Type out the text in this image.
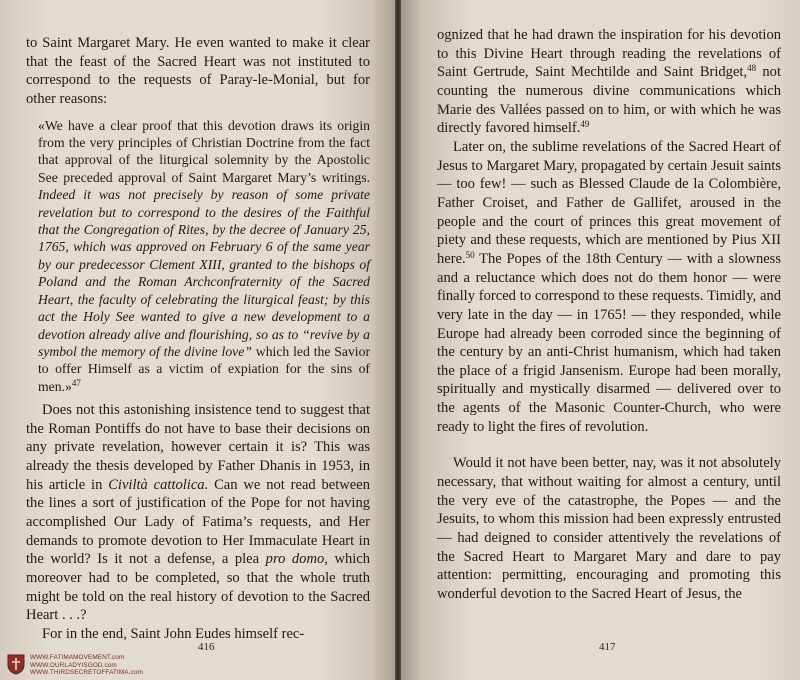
to Saint Margaret Mary. He even wanted to make it clear that the feast of the Sacred Heart was not instituted to correspond to the requests of Paray-le-Monial, but for other reasons:

«We have a clear proof that this devotion draws its origin from the very principles of Christian Doctrine from the fact that approval of the liturgical solemnity by the Apostolic See preceded approval of Saint Margaret Mary’s writings. Indeed it was not precisely by reason of some private revelation but to correspond to the desires of the Faithful that the Congregation of Rites, by the decree of January 25, 1765, which was approved on February 6 of the same year by our predecessor Clement XIII, granted to the bishops of Poland and the Roman Archconfraternity of the Sacred Heart, the faculty of celebrating the liturgical feast; by this act the Holy See wanted to give a new development to a devotion already alive and flourishing, so as to “revive by a symbol the memory of the divine love” which led the Savior to offer Himself as a victim of expiation for the sins of men.»$^{47}$

Does not this astonishing insistence tend to suggest that the Roman Pontiffs do not have to base their decisions on any private revelation, however certain it is? This was already the thesis developed by Father Dhanis in 1953, in his article in Civiltà cattolica. Can we not read between the lines a sort of justification of the Pope for not having accomplished Our Lady of Fatima’s requests, and Her demands to promote devotion to Her Immaculate Heart in the world? Is it not a defense, a plea pro domo, which moreover had to be completed, so that the whole truth might be told on the real history of devotion to the Sacred Heart . . .?

For in the end, Saint John Eudes himself rec-

416
WWW.FATIMAMOVEMENT.com
WWW.OURLADYISGOD.com
WWW.THIRDSECRETOFFATIMA.com

ognized that he had drawn the inspiration for his devotion to this Divine Heart through reading the revelations of Saint Gertrude, Saint Mechtilde and Saint Bridget,$^{48}$ not counting the numerous divine communications which Marie des Vallées passed on to him, or with which he was directly favored himself.$^{49}$

Later on, the sublime revelations of the Sacred Heart of Jesus to Margaret Mary, propagated by certain Jesuit saints — too few! — such as Blessed Claude de la Colombière, Father Croiset, and Father de Gallifet, aroused in the people and the court of princes this great movement of piety and these requests, which are mentioned by Pius XII here.$^{50}$ The Popes of the 18th Century — with a slowness and a reluctance which does not do them honor — were finally forced to correspond to these requests. Timidly, and very late in the day — in 1765! — they responded, while Europe had already been corroded since the beginning of the century by an anti-Christ humanism, which had taken the place of a frigid Jansenism. Europe had been morally, spiritually and mystically disarmed — delivered over to the agents of the Masonic Counter-Church, who were ready to light the fires of revolution.

Would it not have been better, nay, was it not absolutely necessary, that without waiting for almost a century, until the very eve of the catastrophe, the Popes — and the Jesuits, to whom this mission had been expressly entrusted — had deigned to consider attentively the revelations of the Sacred Heart to Margaret Mary and dare to pay attention: permitting, encouraging and promoting this wonderful devotion to the Sacred Heart of Jesus, the

417
